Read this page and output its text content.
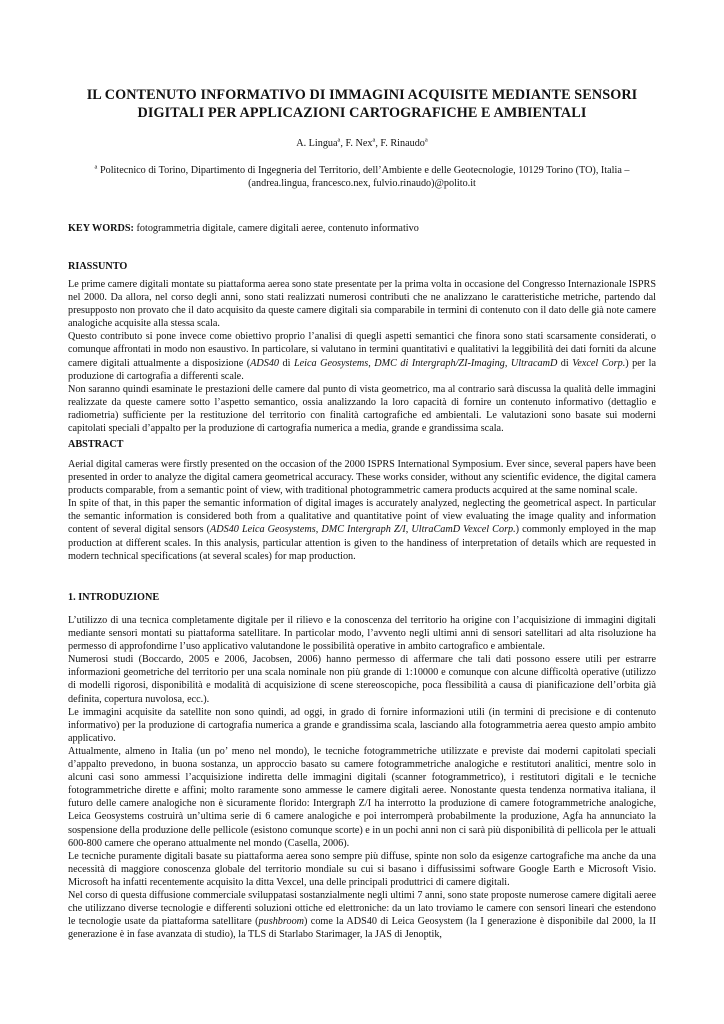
IL CONTENUTO INFORMATIVO DI IMMAGINI ACQUISITE MEDIANTE SENSORI
DIGITALI PER APPLICAZIONI CARTOGRAFICHE E AMBIENTALI
A. Lingua$^a$, F. Nex$^a$, F. Rinaudo$^a$
$^a$ Politecnico di Torino, Dipartimento di Ingegneria del Territorio, dell’Ambiente e delle Geotecnologie, 10129 Torino (TO), Italia –
(andrea.lingua, francesco.nex, fulvio.rinaudo)@polito.it
KEY WORDS: fotogrammetria digitale, camere digitali aeree, contenuto informativo
RIASSUNTO

Le prime camere digitali montate su piattaforma aerea sono state presentate per la prima volta in occasione del Congresso Internazionale ISPRS nel 2000. Da allora, nel corso degli anni, sono stati realizzati numerosi contributi che ne analizzano le caratteristiche metriche, partendo dal presupposto non provato che il dato acquisito da queste camere digitali sia comparabile in termini di contenuto con il dato delle già note camere analogiche acquisite alla stessa scala.

Questo contributo si pone invece come obiettivo proprio l’analisi di quegli aspetti semantici che finora sono stati scarsamente considerati, o comunque affrontati in modo non esaustivo. In particolare, si valutano in termini quantitativi e qualitativi la leggibilità dei dati forniti da alcune camere digitali attualmente a disposizione (ADS40 di Leica Geosystems, DMC di Intergraph/ZI-Imaging, UltracamD di Vexcel Corp.) per la produzione di cartografia a differenti scale.

Non saranno quindi esaminate le prestazioni delle camere dal punto di vista geometrico, ma al contrario sarà discussa la qualità delle immagini realizzate da queste camere sotto l’aspetto semantico, ossia analizzando la loro capacità di fornire un contenuto informativo (dettaglio e radiometria) sufficiente per la restituzione del territorio con finalità cartografiche ed ambientali. Le valutazioni sono basate sui moderni capitolati speciali d’appalto per la produzione di cartografia numerica a media, grande e grandissima scala.

ABSTRACT

Aerial digital cameras were firstly presented on the occasion of the 2000 ISPRS International Symposium. Ever since, several papers have been presented in order to analyze the digital camera geometrical accuracy. These works consider, without any scientific evidence, the digital camera products comparable, from a semantic point of view, with traditional photogrammetric camera products acquired at the same nominal scale.

In spite of that, in this paper the semantic information of digital images is accurately analyzed, neglecting the geometrical aspect. In particular the semantic information is considered both from a qualitative and quantitative point of view evaluating the image quality and information content of several digital sensors (ADS40 Leica Geosystems, DMC Intergraph Z/I, UltraCamD Vexcel Corp.) commonly employed in the map production at different scales. In this analysis, particular attention is given to the handiness of interpretation of details which are requested in modern technical specifications (at several scales) for map production.

1. INTRODUZIONE

L’utilizzo di una tecnica completamente digitale per il rilievo e la conoscenza del territorio ha origine con l’acquisizione di immagini digitali mediante sensori montati su piattaforma satellitare. In particolar modo, l’avvento negli ultimi anni di sensori satellitari ad alta risoluzione ha permesso di approfondirne l’uso applicativo valutandone le possibilità operative in ambito cartografico e ambientale.

Numerosi studi (Boccardo, 2005 e 2006, Jacobsen, 2006) hanno permesso di affermare che tali dati possono essere utili per estrarre informazioni geometriche del territorio per una scala nominale non più grande di 1:10000 e comunque con alcune difficoltà operative (utilizzo di modelli rigorosi, disponibilità e modalità di acquisizione di scene stereoscopiche, poca flessibilità a causa di pianificazione dell’orbita già definita, copertura nuvolosa, ecc.).

Le immagini acquisite da satellite non sono quindi, ad oggi, in grado di fornire informazioni utili (in termini di precisione e di contenuto informativo) per la produzione di cartografia numerica a grande e grandissima scala, lasciando alla fotogrammetria aerea questo ampio ambito applicativo.

Attualmente, almeno in Italia (un po’ meno nel mondo), le tecniche fotogrammetriche utilizzate e previste dai moderni capitolati speciali d’appalto prevedono, in buona sostanza, un approccio basato su camere fotogrammetriche analogiche e restitutori analitici, mentre solo in alcuni casi sono ammessi l’acquisizione indiretta delle immagini digitali (scanner fotogrammetrico), i restitutori digitali e le tecniche fotogrammetriche dirette e affini; molto raramente sono ammesse le camere digitali aeree. Nonostante questa tendenza normativa italiana, il futuro delle camere analogiche non è sicuramente florido: Intergraph Z/I ha interrotto la produzione di camere fotogrammetriche analogiche, Leica Geosystems costruirà un’ultima serie di 6 camere analogiche e poi interromperà probabilmente la produzione, Agfa ha annunciato la sospensione della produzione delle pellicole (esistono comunque scorte) e in un pochi anni non ci sarà più disponibilità di pellicola per le attuali 600-800 camere che operano attualmente nel mondo (Casella, 2006).

Le tecniche puramente digitali basate su piattaforma aerea sono sempre più diffuse, spinte non solo da esigenze cartografiche ma anche da una necessità di maggiore conoscenza globale del territorio mondiale su cui si basano i diffusissimi software Google Earth e Microsoft Visio. Microsoft ha infatti recentemente acquisito la ditta Vexcel, una delle principali produttrici di camere digitali.

Nel corso di questa diffusione commerciale sviluppatasi sostanzialmente negli ultimi 7 anni, sono state proposte numerose camere digitali aeree che utilizzano diverse tecnologie e differenti soluzioni ottiche ed elettroniche: da un lato troviamo le camere con sensori lineari che estendono le tecnologie usate da piattaforma satellitare (pushbroom) come la ADS40 di Leica Geosystem (la I generazione è disponibile dal 2000, la II generazione è in fase avanzata di studio), la TLS di Starlabo Starimager, la JAS di Jenoptik,
